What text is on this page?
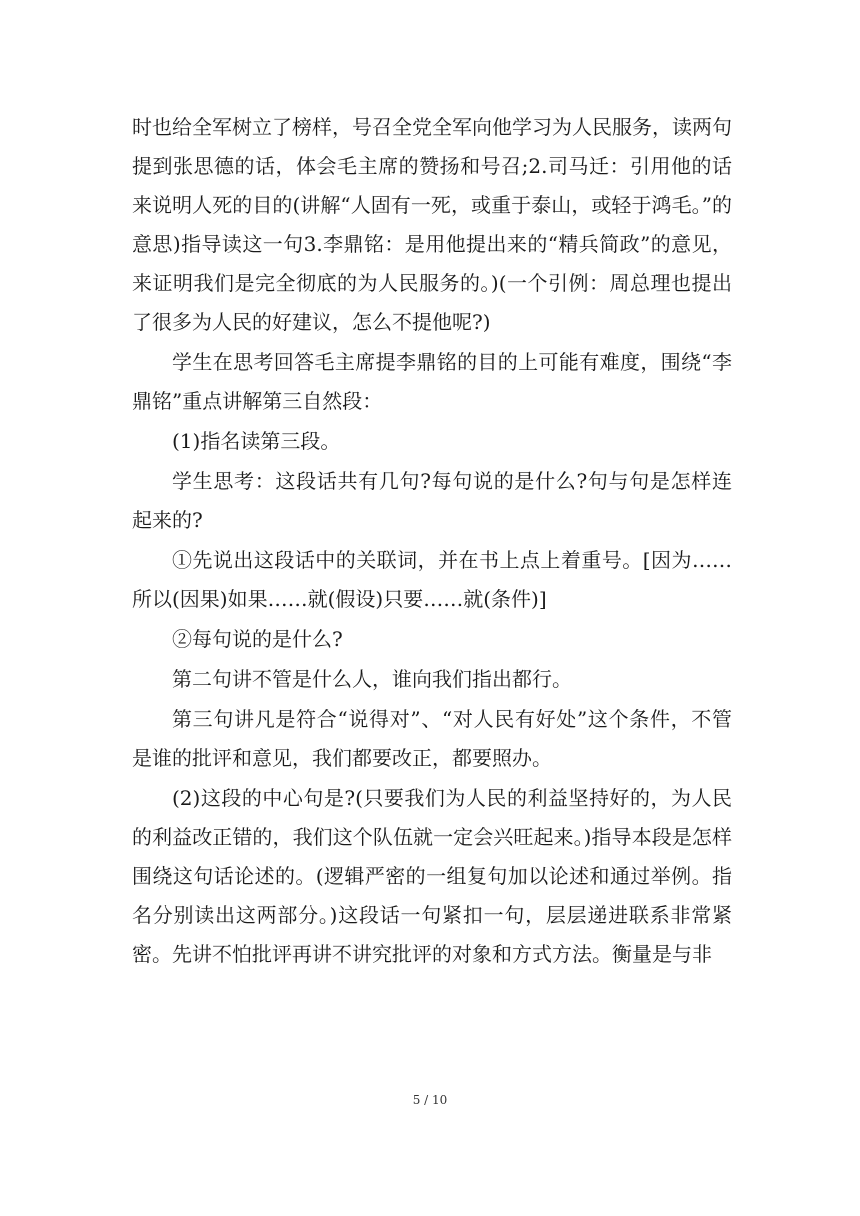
时也给全军树立了榜样，号召全党全军向他学习为人民服务，读两句提到张思德的话，体会毛主席的赞扬和号召;2.司马迁：引用他的话来说明人死的目的(讲解“人固有一死，或重于泰山，或轻于鸿毛。”的意思)指导读这一句3.李鼎铭：是用他提出来的“精兵简政”的意见，来证明我们是完全彻底的为人民服务的。)(一个引例：周总理也提出了很多为人民的好建议，怎么不提他呢?)

学生在思考回答毛主席提李鼎铭的目的上可能有难度，围绕“李鼎铭”重点讲解第三自然段：

(1)指名读第三段。

学生思考：这段话共有几句?每句说的是什么?句与句是怎样连起来的?

①先说出这段话中的关联词，并在书上点上着重号。[因为……所以(因果)如果……就(假设)只要……就(条件)]

②每句说的是什么?

第二句讲不管是什么人，谁向我们指出都行。

第三句讲凡是符合“说得对”、“对人民有好处”这个条件，不管是谁的批评和意见，我们都要改正，都要照办。

(2)这段的中心句是?(只要我们为人民的利益坚持好的，为人民的利益改正错的，我们这个队伍就一定会兴旺起来。)指导本段是怎样围绕这句话论述的。(逻辑严密的一组复句加以论述和通过举例。指名分别读出这两部分。)这段话一句紧扣一句，层层递进联系非常紧密。先讲不怕批评再讲不讲究批评的对象和方式方法。衡量是与非

5 / 10
